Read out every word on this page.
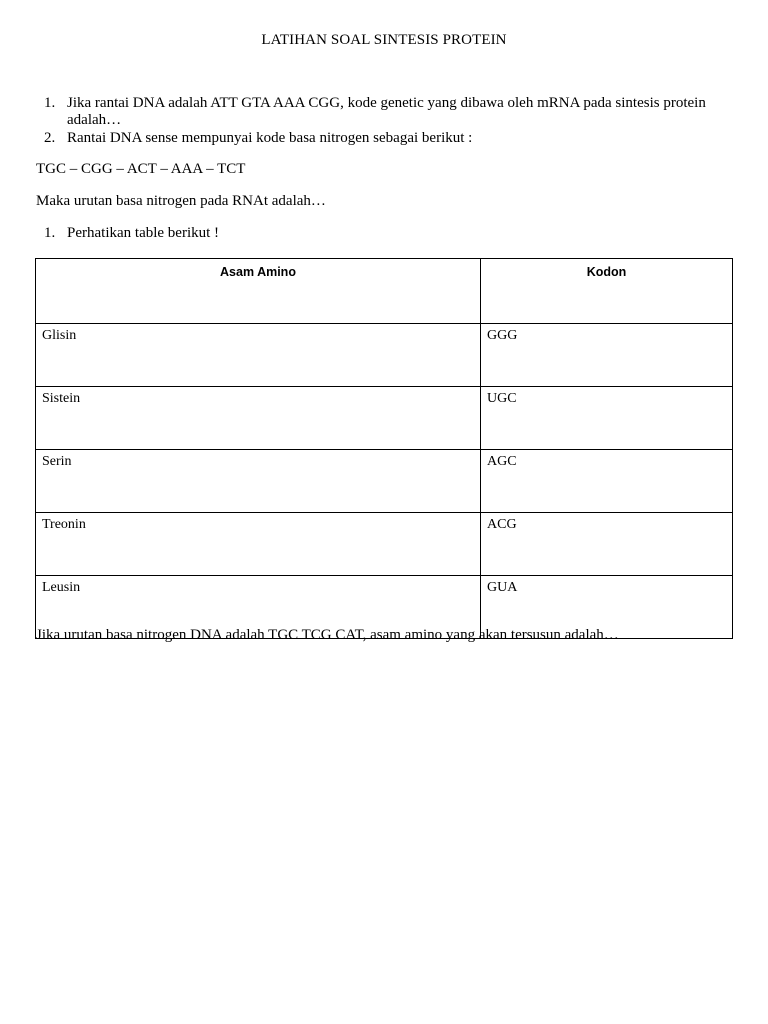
LATIHAN SOAL SINTESIS PROTEIN
1. Jika rantai DNA adalah ATT GTA AAA CGG, kode genetic yang dibawa oleh mRNA pada sintesis protein adalah…
2. Rantai DNA sense mempunyai kode basa nitrogen sebagai berikut :
TGC – CGG – ACT – AAA – TCT
Maka urutan basa nitrogen pada RNAt adalah…
1. Perhatikan table berikut !
Asam Amino	Kodon
Glisin	GGG
Sistein	UGC
Serin	AGC
Treonin	ACG
Leusin	GUA
Jika urutan basa nitrogen DNA adalah TGC TCG CAT, asam amino yang akan tersusun adalah…
